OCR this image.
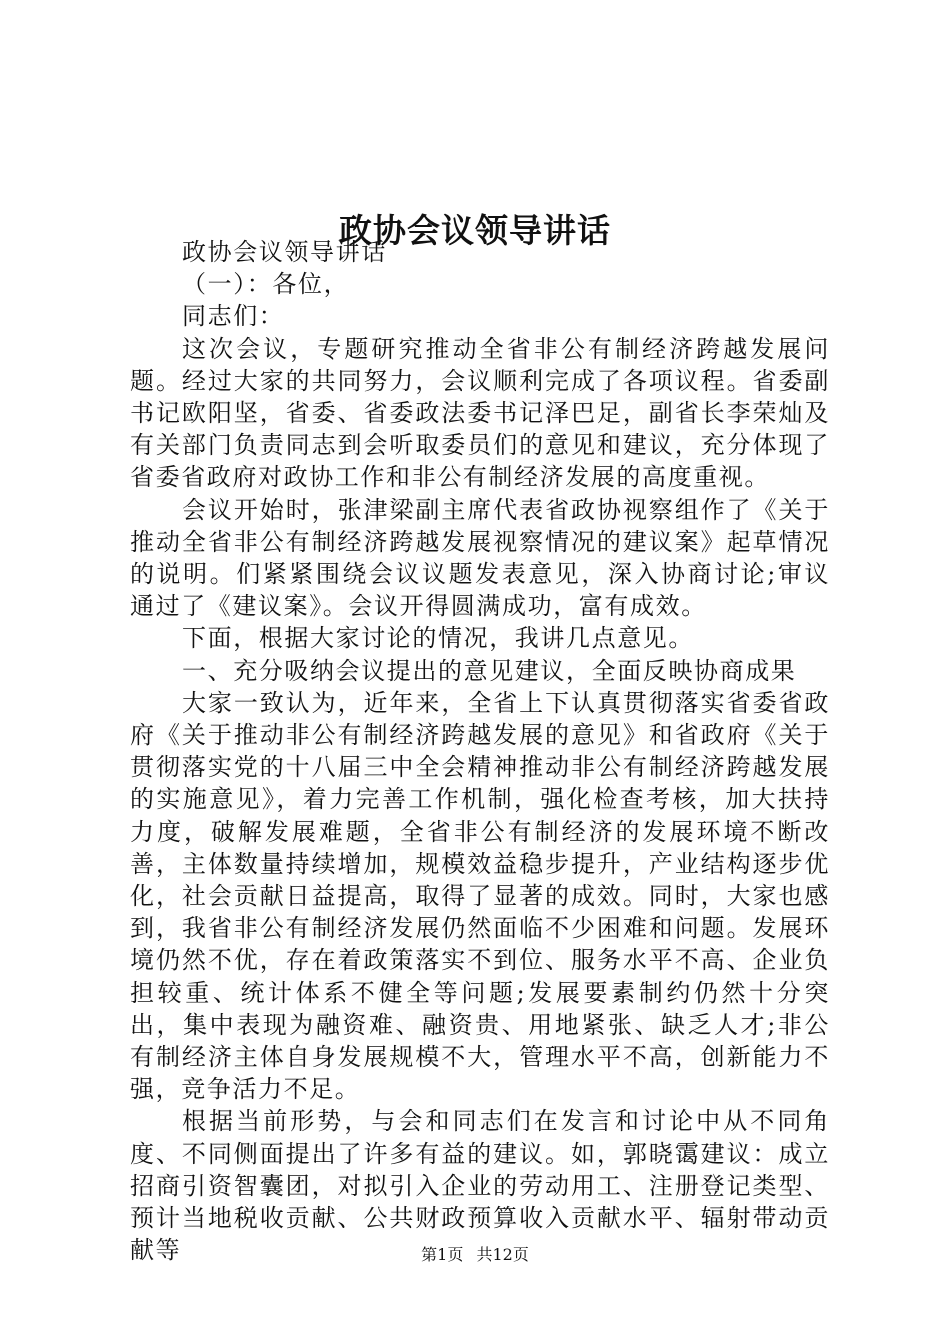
政协会议领导讲话

政协会议领导讲话

（一）：各位，

同志们：

这次会议，专题研究推动全省非公有制经济跨越发展问题。经过大家的共同努力，会议顺利完成了各项议程。省委副书记欧阳坚，省委、省委政法委书记泽巴足，副省长李荣灿及有关部门负责同志到会听取委员们的意见和建议，充分体现了省委省政府对政协工作和非公有制经济发展的高度重视。

会议开始时，张津梁副主席代表省政协视察组作了《关于推动全省非公有制经济跨越发展视察情况的建议案》起草情况的说明。们紧紧围绕会议议题发表意见，深入协商讨论;审议通过了《建议案》。会议开得圆满成功，富有成效。

下面，根据大家讨论的情况，我讲几点意见。

一、充分吸纳会议提出的意见建议，全面反映协商成果

大家一致认为，近年来，全省上下认真贯彻落实省委省政府《关于推动非公有制经济跨越发展的意见》和省政府《关于贯彻落实党的十八届三中全会精神推动非公有制经济跨越发展的实施意见》，着力完善工作机制，强化检查考核，加大扶持力度，破解发展难题，全省非公有制经济的发展环境不断改善，主体数量持续增加，规模效益稳步提升，产业结构逐步优化，社会贡献日益提高，取得了显著的成效。同时，大家也感到，我省非公有制经济发展仍然面临不少困难和问题。发展环境仍然不优，存在着政策落实不到位、服务水平不高、企业负担较重、统计体系不健全等问题;发展要素制约仍然十分突出，集中表现为融资难、融资贵、用地紧张、缺乏人才;非公有制经济主体自身发展规模不大，管理水平不高，创新能力不强，竞争活力不足。

根据当前形势，与会和同志们在发言和讨论中从不同角度、不同侧面提出了许多有益的建议。如，郭晓霭建议：成立招商引资智囊团，对拟引入企业的劳动用工、注册登记类型、预计当地税收贡献、公共财政预算收入贡献水平、辐射带动贡献等	第1页 共12页
